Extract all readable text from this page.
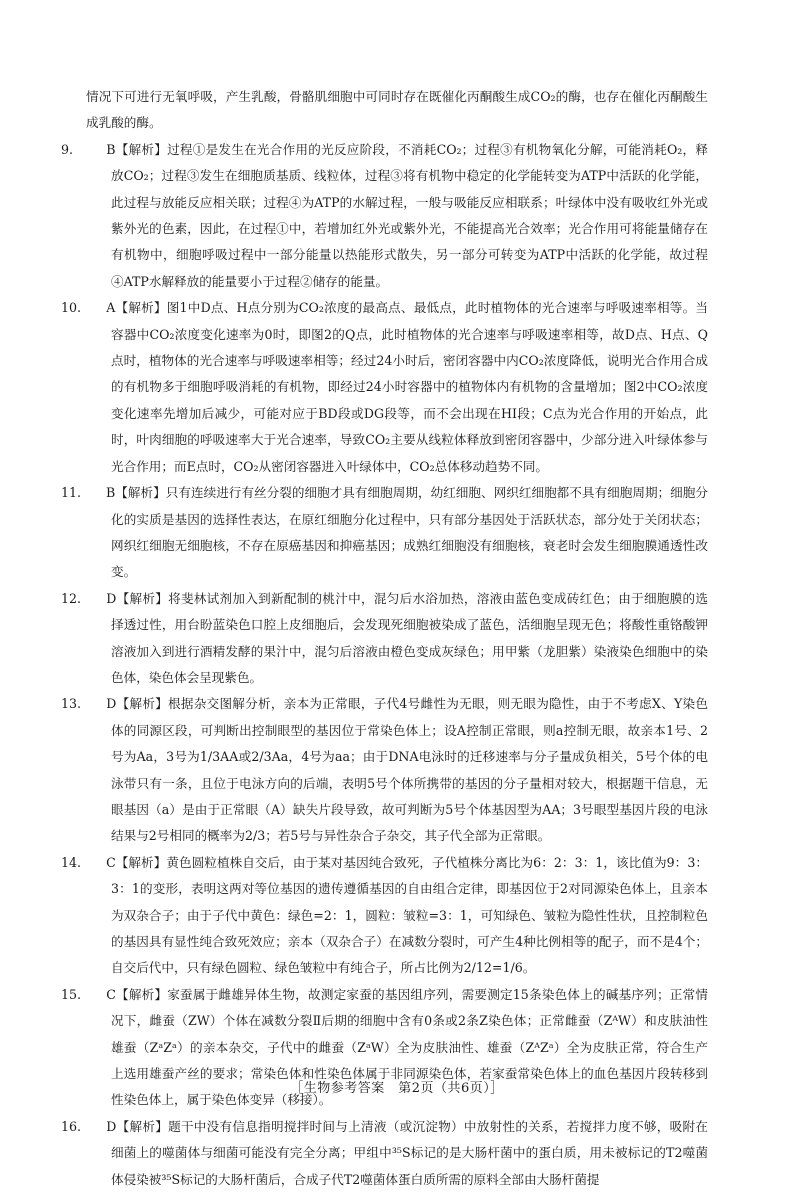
情况下可进行无氧呼吸，产生乳酸，骨骼肌细胞中可同时存在既催化丙酮酸生成CO₂的酶，也存在催化丙酮酸生成乳酸的酶。

9.	B【解析】过程①是发生在光合作用的光反应阶段，不消耗CO₂；过程③有机物氧化分解，可能消耗O₂，释放CO₂；过程③发生在细胞质基质、线粒体，过程③将有机物中稳定的化学能转变为ATP中活跃的化学能，此过程与放能反应相关联；过程④为ATP的水解过程，一般与吸能反应相联系；叶绿体中没有吸收红外光或紫外光的色素，因此，在过程①中，若增加红外光或紫外光，不能提高光合效率；光合作用可将能量储存在有机物中，细胞呼吸过程中一部分能量以热能形式散失，另一部分可转变为ATP中活跃的化学能，故过程④ATP水解释放的能量要小于过程②储存的能量。

10. A【解析】图1中D点、H点分别为CO₂浓度的最高点、最低点，此时植物体的光合速率与呼吸速率相等。当容器中CO₂浓度变化速率为0时，即图2的Q点，此时植物体的光合速率与呼吸速率相等，故D点、H点、Q点时，植物体的光合速率与呼吸速率相等；经过24小时后，密闭容器中内CO₂浓度降低，说明光合作用合成的有机物多于细胞呼吸消耗的有机物，即经过24小时容器中的植物体内有机物的含量增加；图2中CO₂浓度变化速率先增加后减少，可能对应于BD段或DG段等，而不会出现在HI段；C点为光合作用的开始点，此时，叶肉细胞的呼吸速率大于光合速率，导致CO₂主要从线粒体释放到密闭容器中，少部分进入叶绿体参与光合作用；而E点时，CO₂从密闭容器进入叶绿体中，CO₂总体移动趋势不同。

11. B【解析】只有连续进行有丝分裂的细胞才具有细胞周期，幼红细胞、网织红细胞都不具有细胞周期；细胞分化的实质是基因的选择性表达，在原红细胞分化过程中，只有部分基因处于活跃状态，部分处于关闭状态；网织红细胞无细胞核，不存在原癌基因和抑癌基因；成熟红细胞没有细胞核，衰老时会发生细胞膜通透性改变。

12. D【解析】将斐林试剂加入到新配制的桃汁中，混匀后水浴加热，溶液由蓝色变成砖红色；由于细胞膜的选择透过性，用台盼蓝染色口腔上皮细胞后，会发现死细胞被染成了蓝色，活细胞呈现无色；将酸性重铬酸钾溶液加入到进行酒精发酵的果汁中，混匀后溶液由橙色变成灰绿色；用甲紫（龙胆紫）染液染色细胞中的染色体，染色体会呈现紫色。

13. D【解析】根据杂交图解分析，亲本为正常眼，子代4号雌性为无眼，则无眼为隐性，由于不考虑X、Y染色体的同源区段，可判断出控制眼型的基因位于常染色体上；设A控制正常眼，则a控制无眼，故亲本1号、2号为Aa，3号为1/3AA或2/3Aa，4号为aa；由于DNA电泳时的迁移速率与分子量成负相关，5号个体的电泳带只有一条，且位于电泳方向的后端，表明5号个体所携带的基因的分子量相对较大，根据题干信息，无眼基因（a）是由于正常眼（A）缺失片段导致，故可判断为5号个体基因型为AA；3号眼型基因片段的电泳结果与2号相同的概率为2/3；若5号与异性杂合子杂交，其子代全部为正常眼。

14. C【解析】黄色圆粒植株自交后，由于某对基因纯合致死，子代植株分离比为6：2：3：1，该比值为9：3：3：1的变形，表明这两对等位基因的遗传遵循基因的自由组合定律，即基因位于2对同源染色体上，且亲本为双杂合子；由于子代中黄色：绿色=2：1，圆粒：皱粒=3：1，可知绿色、皱粒为隐性性状，且控制粒色的基因具有显性纯合致死效应；亲本（双杂合子）在减数分裂时，可产生4种比例相等的配子，而不是4个；自交后代中，只有绿色圆粒、绿色皱粒中有纯合子，所占比例为2/12=1/6。

15. C【解析】家蚕属于雌雄异体生物，故测定家蚕的基因组序列，需要测定15条染色体上的碱基序列；正常情况下，雌蚕（ZW）个体在减数分裂Ⅱ后期的细胞中含有0条或2条Z染色体；正常雌蚕（ZᴬW）和皮肤油性雄蚕（ZᵃZᵃ）的亲本杂交，子代中的雌蚕（ZᵃW）全为皮肤油性、雄蚕（ZᴬZᵃ）全为皮肤正常，符合生产上选用雄蚕产丝的要求；常染色体和性染色体属于非同源染色体，若家蚕常染色体上的血色基因片段转移到性染色体上，属于染色体变异（移接）。

16. D【解析】题干中没有信息指明搅拌时间与上清液（或沉淀物）中放射性的关系，若搅拌力度不够，吸附在细菌上的噬菌体与细菌可能没有完全分离；甲组中³⁵S标记的是大肠杆菌中的蛋白质，用未被标记的T2噬菌体侵染被³⁵S标记的大肠杆菌后，合成子代T2噬菌体蛋白质所需的原料全部由大肠杆菌提

［生物参考答案　第2页（共6页）］
